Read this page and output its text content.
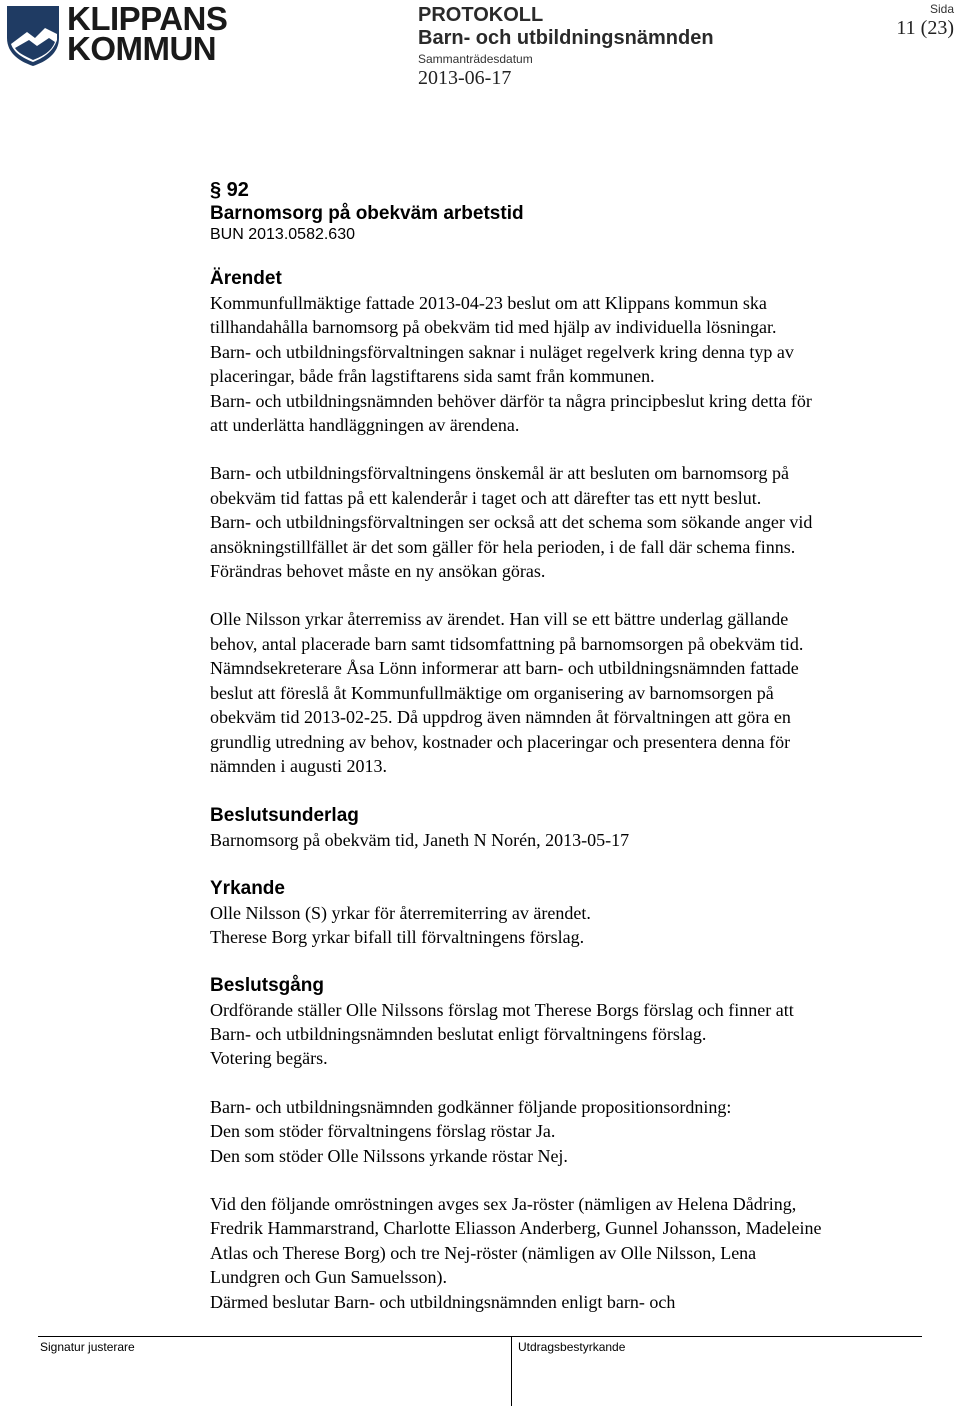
KLIPPANS
KOMMUN
PROTOKOLL
Barn- och utbildningsnämnden
Sammanträdesdatum
2013-06-17
Sida
11 (23)
§ 92
Barnomsorg på obekväm arbetstid
BUN 2013.0582.630
Ärendet

Kommunfullmäktige fattade 2013-04-23 beslut om att Klippans kommun ska
tillhandahålla barnomsorg på obekväm tid med hjälp av individuella lösningar.
Barn- och utbildningsförvaltningen saknar i nuläget regelverk kring denna typ av
placeringar, både från lagstiftarens sida samt från kommunen.
Barn- och utbildningsnämnden behöver därför ta några principbeslut kring detta för
att underlätta handläggningen av ärendena.

Barn- och utbildningsförvaltningens önskemål är att besluten om barnomsorg på
obekväm tid fattas på ett kalenderår i taget och att därefter tas ett nytt beslut.
Barn- och utbildningsförvaltningen ser också att det schema som sökande anger vid
ansökningstillfället är det som gäller för hela perioden, i de fall där schema finns.
Förändras behovet måste en ny ansökan göras.

Olle Nilsson yrkar återremiss av ärendet. Han vill se ett bättre underlag gällande
behov, antal placerade barn samt tidsomfattning på barnomsorgen på obekväm tid.
Nämndsekreterare Åsa Lönn informerar att barn- och utbildningsnämnden fattade
beslut att föreslå åt Kommunfullmäktige om organisering av barnomsorgen på
obekväm tid 2013-02-25. Då uppdrog även nämnden åt förvaltningen att göra en
grundlig utredning av behov, kostnader och placeringar och presentera denna för
nämnden i augusti 2013.

Beslutsunderlag

Barnomsorg på obekväm tid, Janeth N Norén, 2013-05-17

Yrkande

Olle Nilsson (S) yrkar för återremiterring av ärendet.
Therese Borg yrkar bifall till förvaltningens förslag.

Beslutsgång

Ordförande ställer Olle Nilssons förslag mot Therese Borgs förslag och finner att
Barn- och utbildningsnämnden beslutat enligt förvaltningens förslag.
Votering begärs.

Barn- och utbildningsnämnden godkänner följande propositionsordning:
Den som stöder förvaltningens förslag röstar Ja.
Den som stöder Olle Nilssons yrkande röstar Nej.

Vid den följande omröstningen avges sex Ja-röster (nämligen av Helena Dådring,
Fredrik Hammarstrand, Charlotte Eliasson Anderberg, Gunnel Johansson, Madeleine
Atlas och Therese Borg) och tre Nej-röster (nämligen av Olle Nilsson, Lena
Lundgren och Gun Samuelsson).
Därmed beslutar Barn- och utbildningsnämnden enligt barn- och

Signatur justerare	Utdragsbestyrkande
